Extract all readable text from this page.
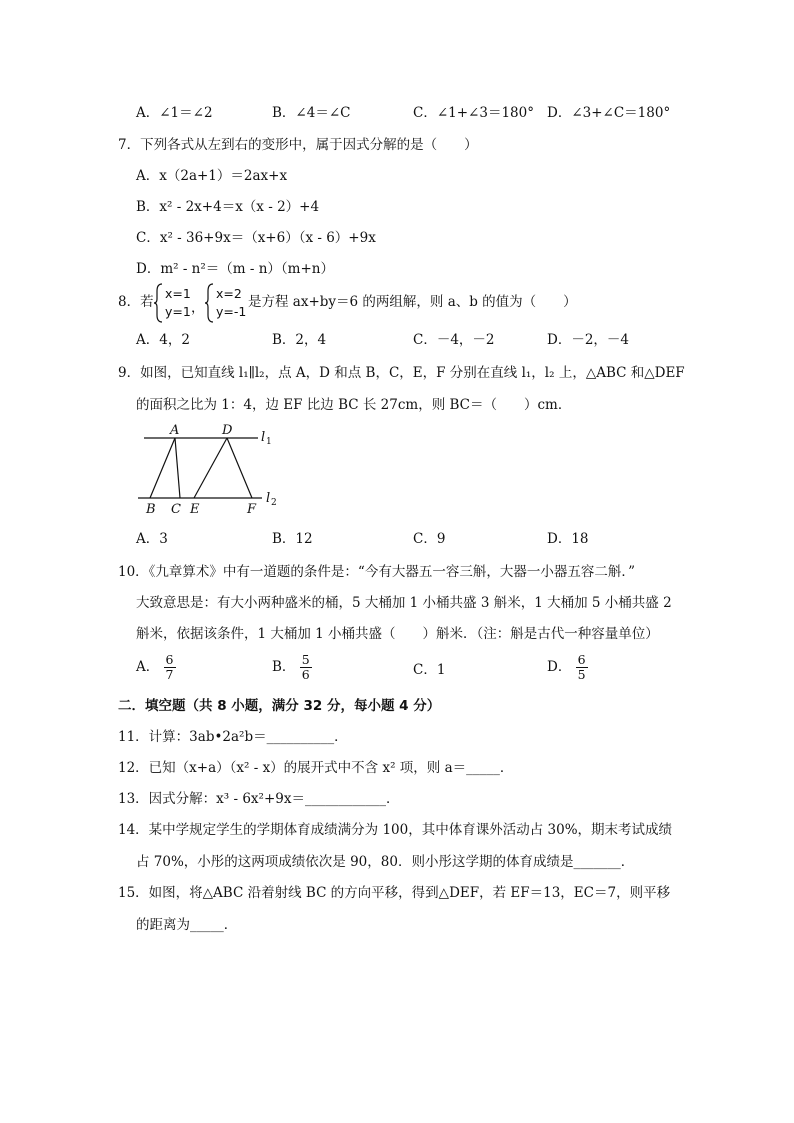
A．∠1＝∠2	B．∠4＝∠C	C．∠1+∠3＝180° D．∠3+∠C＝180°
7．下列各式从左到右的变形中，属于因式分解的是（　　）
A．x（2a+1）＝2ax+x
B．x² - 2x+4＝x（x - 2）+4
C．x² - 36+9x＝（x+6）（x - 6）+9x
D．m² - n²＝（m - n）（m+n）
8．若
x=1
y=1 ，
x=2
y=-1
是方程 ax+by＝6 的两组解，则 a、b 的值为（　　）
A．4，2	B．2，4	C．－4，－2	D．－2，－4
9．如图，已知直线 l₁∥l₂，点 A，D 和点 B，C，E，F 分别在直线 l₁，l₂ 上，△ABC 和△DEF
的面积之比为 1：4，边 EF 比边 BC 长 27cm，则 BC＝（　　）cm．
A	D
B C E	F
l 1
l 2
A．3	B．12	C．9	D．18
10．《九章算术》中有一道题的条件是：“今有大器五一容三斛，大器一小器五容二斛．”
大致意思是：有大小两种盛米的桶，5 大桶加 1 小桶共盛 3 斛米，1 大桶加 5 小桶共盛 2
斛米，依据该条件，1 大桶加 1 小桶共盛（　　）斛米．（注：斛是古代一种容量单位）
A． $\frac{6}{7}$	B． $\frac{5}{6}$	C．1	D． $\frac{6}{5}$
二．填空题（共 8 小题，满分 32 分，每小题 4 分）
11．计算：3ab•2a²b＝__________．
12．已知（x+a）（x² - x）的展开式中不含 x² 项，则 a＝_____．
13．因式分解：x³ - 6x²+9x＝____________．
14．某中学规定学生的学期体育成绩满分为 100，其中体育课外活动占 30%，期末考试成绩
占 70%，小彤的这两项成绩依次是 90，80．则小彤这学期的体育成绩是_______．
15．如图，将△ABC 沿着射线 BC 的方向平移，得到△DEF，若 EF＝13，EC＝7，则平移
的距离为_____．
